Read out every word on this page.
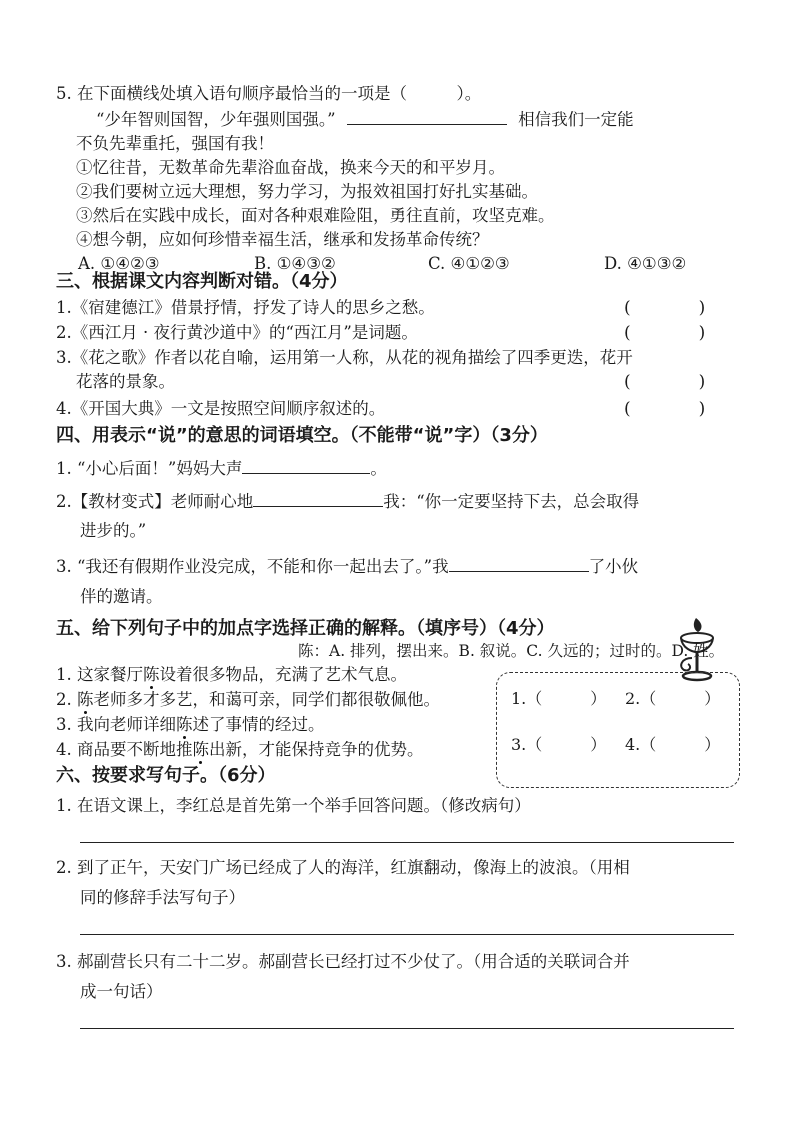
5. 在下面横线处填入语句顺序最恰当的一项是（　　　）。
“少年智则国智，少年强则国强。”	相信我们一定能
不负先辈重托，强国有我！
①忆往昔，无数革命先辈浴血奋战，换来今天的和平岁月。
②我们要树立远大理想，努力学习，为报效祖国打好扎实基础。
③然后在实践中成长，面对各种艰难险阻，勇往直前，攻坚克难。
④想今朝，应如何珍惜幸福生活，继承和发扬革命传统？
A. ①④②③	B. ①④③②	C. ④①②③	D. ④①③②
三、根据课文内容判断对错。（4分）
1.《宿建德江》借景抒情，抒发了诗人的思乡之愁。	(　　　　)
2.《西江月 · 夜行黄沙道中》的“西江月”是词题。	(　　　　)
3.《花之歌》作者以花自喻，运用第一人称，从花的视角描绘了四季更迭，花开
花落的景象。	(　　　　)
4.《开国大典》一文是按照空间顺序叙述的。	(　　　　)
四、用表示“说”的意思的词语填空。（不能带“说”字）（3分）
1. “小心后面！”妈妈大声	。
2.【教材变式】老师耐心地	我：“你一定要坚持下去，总会取得
进步的。”
3. “我还有假期作业没完成，不能和你一起出去了。”我	了小伙
伴的邀请。
五、给下列句子中的加点字选择正确的解释。（填序号）（4分）
陈：A. 排列，摆出来。B. 叙说。C. 久远的；过时的。D. 姓。
1. 这家餐厅陈设着很多物品，充满了艺术气息。
2. 陈老师多才多艺，和蔼可亲，同学们都很敬佩他。
3. 我向老师详细陈述了事情的经过。
4. 商品要不断地推陈出新，才能保持竞争的优势。
1.（　　　） 2.（　　　）
3.（　　　） 4.（　　　）
六、按要求写句子。（6分）
1. 在语文课上，李红总是首先第一个举手回答问题。（修改病句）
2. 到了正午，天安门广场已经成了人的海洋，红旗翻动，像海上的波浪。（用相
同的修辞手法写句子）
3. 郝副营长只有二十二岁。郝副营长已经打过不少仗了。（用合适的关联词合并
成一句话）
